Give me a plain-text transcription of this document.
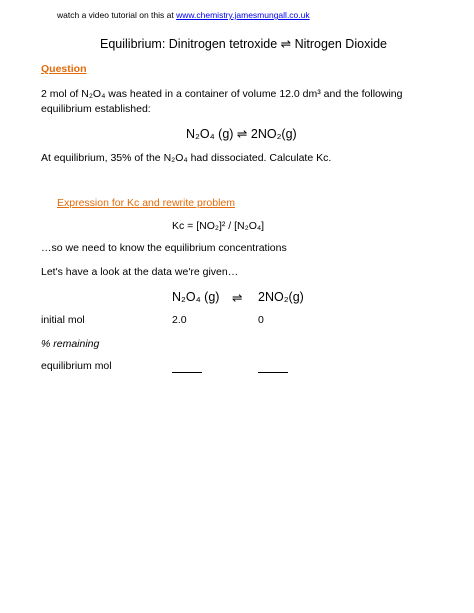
watch a video tutorial on this at www.chemistry.jamesmungall.co.uk
Equilibrium: Dinitrogen tetroxide ⇌ Nitrogen Dioxide
Question
2 mol of N₂O₄ was heated in a container of volume 12.0 dm³ and the following
equilibrium established:
N₂O₄ (g) ⇌ 2NO₂(g)
At equilibrium, 35% of the N₂O₄ had dissociated. Calculate Kᴄ.
Expression for Kᴄ and rewrite problem
Kᴄ = [NO₂]² / [N₂O₄]
…so we need to know the equilibrium concentrations
Let's have a look at the data we're given…
N₂O₄ (g) ⇌ 2NO₂(g)
initial mol	2.0	0
% remaining
equilibrium mol
